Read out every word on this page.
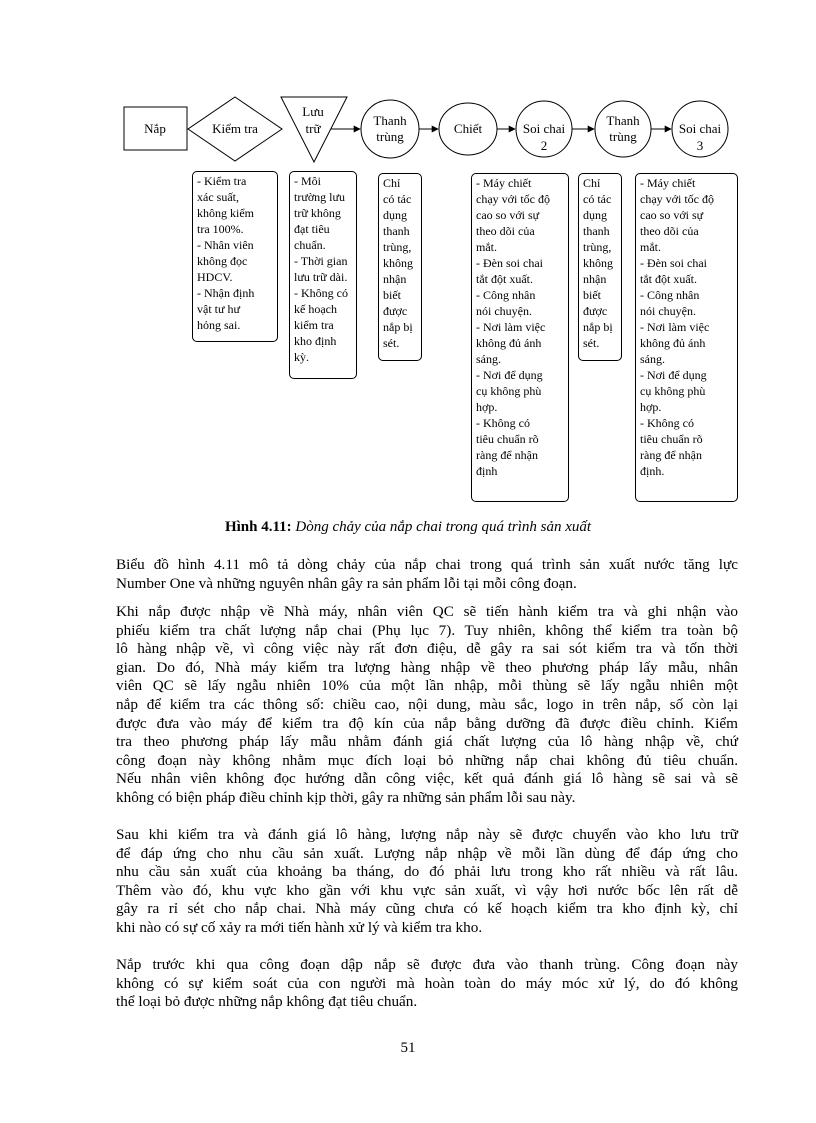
Nắp	Kiểm tra
Lưu
trữ
Thanh
trùng
Chiết	Soi chai
2
Thanh
trùng
Soi chai
3
- Kiểm tra
xác suất,
không kiểm
tra 100%.
- Nhân viên
không đọc
HDCV.
- Nhận định
vật tư hư
hỏng sai.
- Môi
trường lưu
trữ không
đạt tiêu
chuẩn.
- Thời gian
lưu trữ dài.
- Không có
kế hoạch
kiểm tra
kho định
kỳ.
Chỉ
có tác
dụng
thanh
trùng,
không
nhận
biết
được
nắp bị
sét.
- Máy chiết
chạy với tốc độ
cao so với sự
theo dõi của
mắt.
- Đèn soi chai
tắt đột xuất.
- Công nhân
nói chuyện.
- Nơi làm việc
không đủ ánh
sáng.
- Nơi để dụng
cụ không phù
hợp.
- Không có
tiêu chuẩn rõ
ràng để nhận
định
Chỉ
có tác
dụng
thanh
trùng,
không
nhận
biết
được
nắp bị
sét.
- Máy chiết
chạy với tốc độ
cao so với sự
theo dõi của
mắt.
- Đèn soi chai
tắt đột xuất.
- Công nhân
nói chuyện.
- Nơi làm việc
không đủ ánh
sáng.
- Nơi để dụng
cụ không phù
hợp.
- Không có
tiêu chuẩn rõ
ràng để nhận
định.
Hình 4.11: Dòng chảy của nắp chai trong quá trình sản xuất
Biểu đồ hình 4.11 mô tả dòng chảy của nắp chai trong quá trình sản xuất nước tăng lực
Number One và những nguyên nhân gây ra sản phẩm lỗi tại mỗi công đoạn.
Khi nắp được nhập về Nhà máy, nhân viên QC sẽ tiến hành kiểm tra và ghi nhận vào
phiếu kiểm tra chất lượng nắp chai (Phụ lục 7). Tuy nhiên, không thể kiểm tra toàn bộ
lô hàng nhập về, vì công việc này rất đơn điệu, dễ gây ra sai sót kiểm tra và tốn thời
gian. Do đó, Nhà máy kiểm tra lượng hàng nhập về theo phương pháp lấy mẫu, nhân
viên QC sẽ lấy ngẫu nhiên 10% của một lần nhập, mỗi thùng sẽ lấy ngẫu nhiên một
nắp để kiểm tra các thông số: chiều cao, nội dung, màu sắc, logo in trên nắp, số còn lại
được đưa vào máy để kiểm tra độ kín của nắp bằng dưỡng đã được điều chỉnh. Kiểm
tra theo phương pháp lấy mẫu nhằm đánh giá chất lượng của lô hàng nhập về, chứ
công đoạn này không nhằm mục đích loại bỏ những nắp chai không đủ tiêu chuẩn.
Nếu nhân viên không đọc hướng dẫn công việc, kết quả đánh giá lô hàng sẽ sai và sẽ
không có biện pháp điều chỉnh kịp thời, gây ra những sản phẩm lỗi sau này.
Sau khi kiểm tra và đánh giá lô hàng, lượng nắp này sẽ được chuyển vào kho lưu trữ
để đáp ứng cho nhu cầu sản xuất. Lượng nắp nhập về mỗi lần dùng để đáp ứng cho
nhu cầu sản xuất của khoảng ba tháng, do đó phải lưu trong kho rất nhiều và rất lâu.
Thêm vào đó, khu vực kho gần với khu vực sản xuất, vì vậy hơi nước bốc lên rất dễ
gây ra rỉ sét cho nắp chai. Nhà máy cũng chưa có kế hoạch kiểm tra kho định kỳ, chỉ
khi nào có sự cố xảy ra mới tiến hành xử lý và kiểm tra kho.
Nắp trước khi qua công đoạn dập nắp sẽ được đưa vào thanh trùng. Công đoạn này
không có sự kiểm soát của con người mà hoàn toàn do máy móc xử lý, do đó không
thể loại bỏ được những nắp không đạt tiêu chuẩn.
51
